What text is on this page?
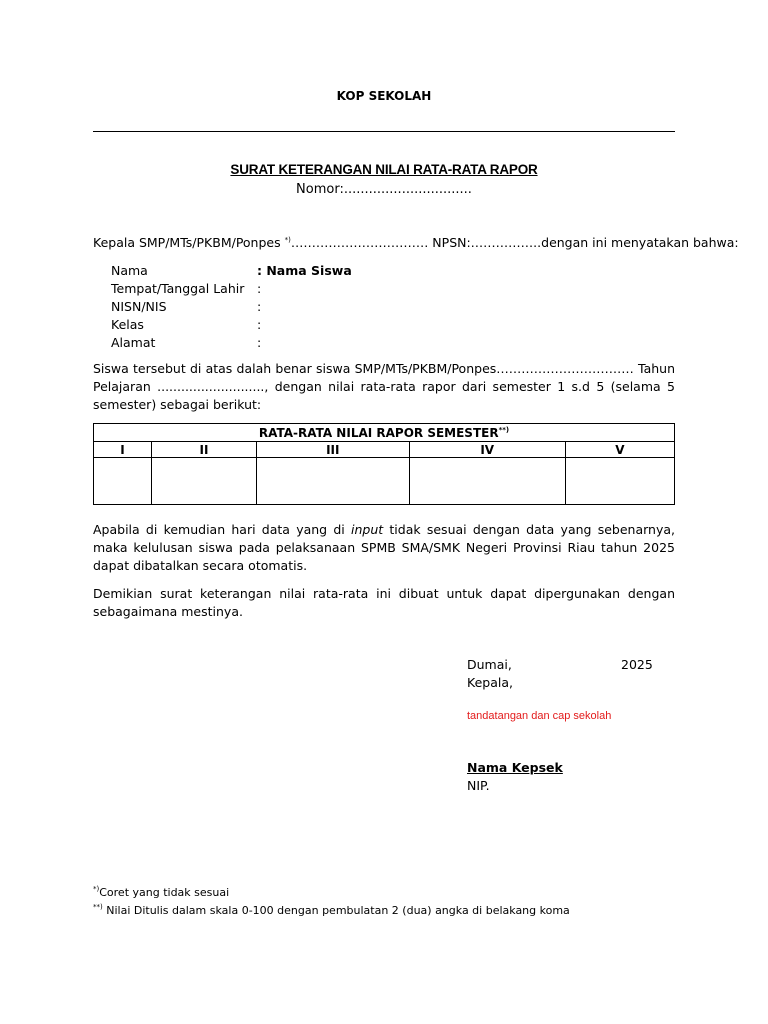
KOP SEKOLAH
SURAT KETERANGAN NILAI RATA-RATA RAPOR
Nomor:...............................
Kepala SMP/MTs/PKBM/Ponpes *)…………………………… NPSN:……………..dengan ini menyatakan bahwa:
Nama	: Nama Siswa
Tempat/Tanggal Lahir	:
NISN/NIS	:
Kelas	:
Alamat	:
Siswa tersebut di atas dalah benar siswa SMP/MTs/PKBM/Ponpes…………………………… Tahun Pelajaran ..........................., dengan nilai rata-rata rapor dari semester 1 s.d 5 (selama 5 semester) sebagai berikut:
RATA-RATA NILAI RAPOR SEMESTER**)
I	II	III	IV	V

Apabila di kemudian hari data yang di input tidak sesuai dengan data yang sebenarnya, maka kelulusan siswa pada pelaksanaan SPMB SMA/SMK Negeri Provinsi Riau tahun 2025 dapat dibatalkan secara otomatis.
Demikian surat keterangan nilai rata-rata ini dibuat untuk dapat dipergunakan dengan sebagaimana mestinya.
Dumai,	2025
Kepala,
tandatangan dan cap sekolah
Nama Kepsek
NIP.
*)Coret yang tidak sesuai
**) Nilai Ditulis dalam skala 0-100 dengan pembulatan 2 (dua) angka di belakang koma
